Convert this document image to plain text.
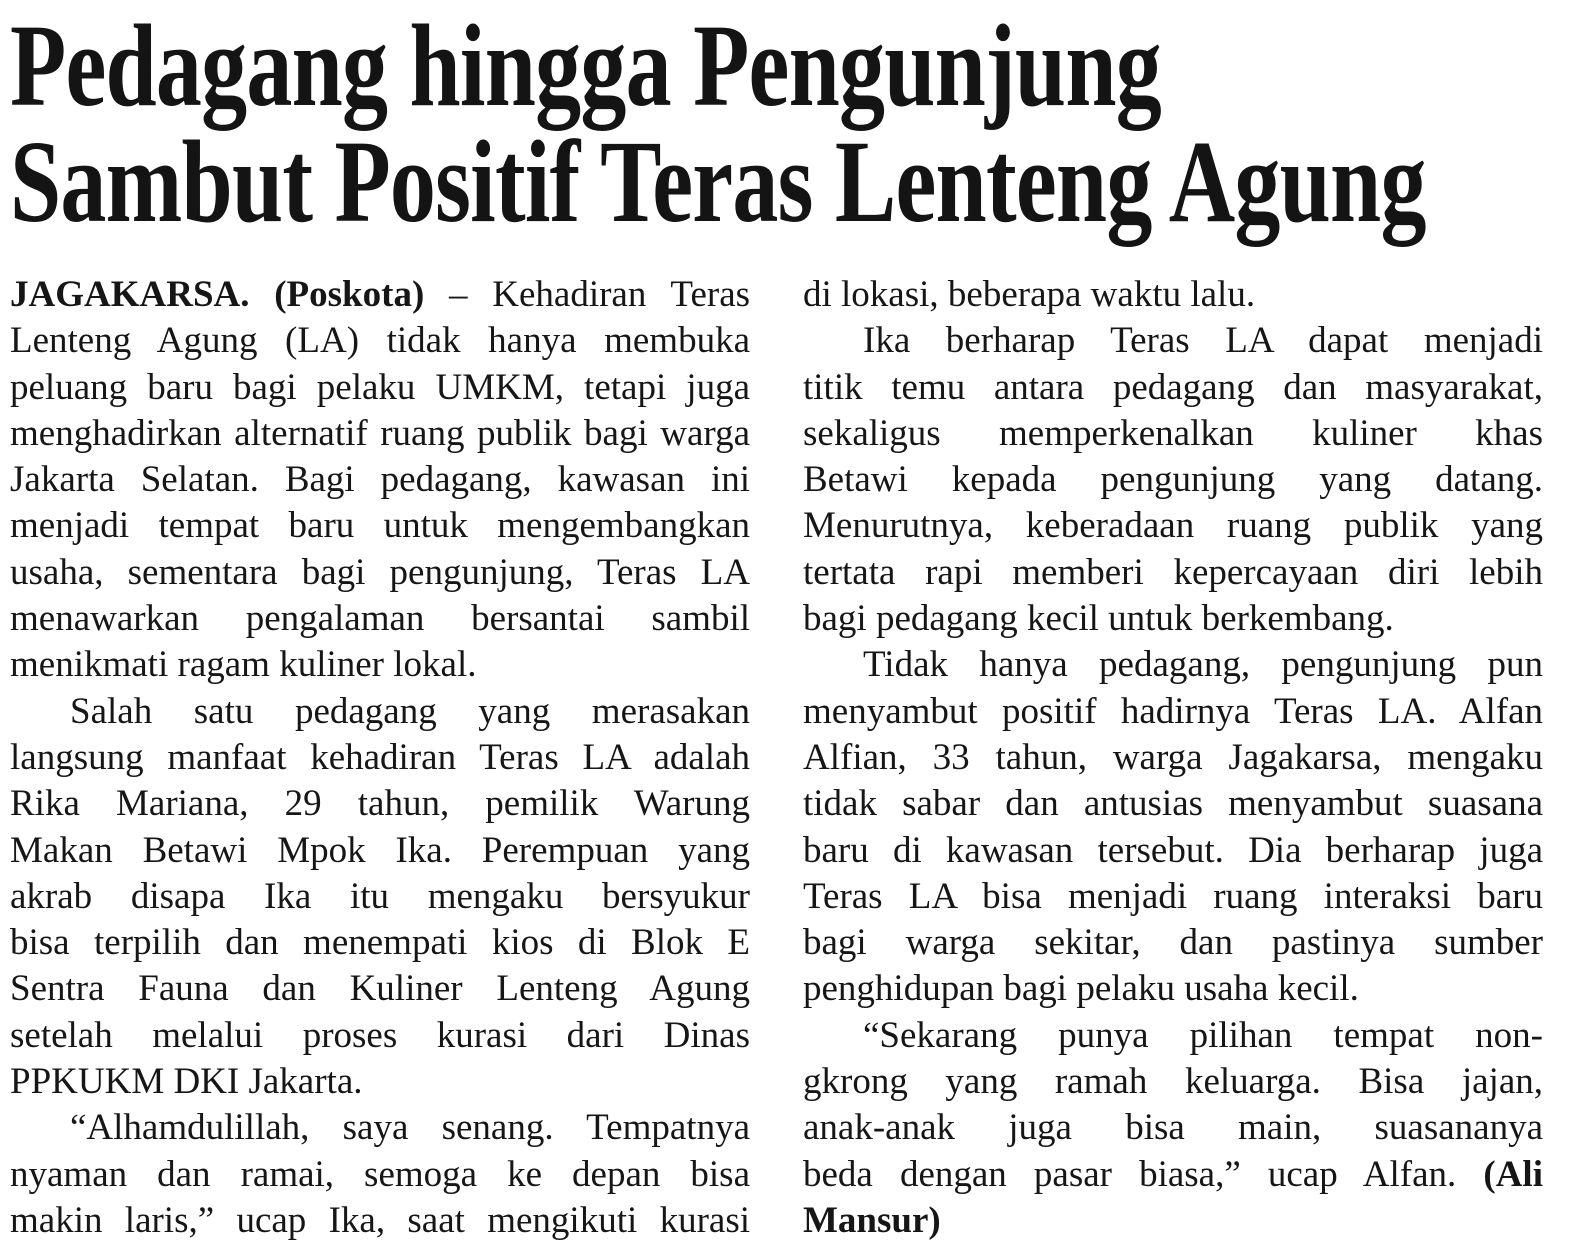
Pedagang hingga Pengunjung
Sambut Positif Teras Lenteng Agung

JAGAKARSA. (Poskota) – Kehadiran Teras
Lenteng Agung (LA) tidak hanya membuka
peluang baru bagi pelaku UMKM, tetapi juga
menghadirkan alternatif ruang publik bagi warga
Jakarta Selatan. Bagi pedagang, kawasan ini
menjadi tempat baru untuk mengembangkan
usaha, sementara bagi pengunjung, Teras LA
menawarkan pengalaman bersantai sambil
menikmati ragam kuliner lokal.

Salah satu pedagang yang merasakan
langsung manfaat kehadiran Teras LA adalah
Rika Mariana, 29 tahun, pemilik Warung
Makan Betawi Mpok Ika. Perempuan yang
akrab disapa Ika itu mengaku bersyukur
bisa terpilih dan menempati kios di Blok E
Sentra Fauna dan Kuliner Lenteng Agung
setelah melalui proses kurasi dari Dinas
PPKUKM DKI Jakarta.

“Alhamdulillah, saya senang. Tempatnya
nyaman dan ramai, semoga ke depan bisa
makin laris,” ucap Ika, saat mengikuti kurasi

di lokasi, beberapa waktu lalu.

Ika berharap Teras LA dapat menjadi
titik temu antara pedagang dan masyarakat,
sekaligus memperkenalkan kuliner khas
Betawi kepada pengunjung yang datang.
Menurutnya, keberadaan ruang publik yang
tertata rapi memberi kepercayaan diri lebih
bagi pedagang kecil untuk berkembang.

Tidak hanya pedagang, pengunjung pun
menyambut positif hadirnya Teras LA. Alfan
Alfian, 33 tahun, warga Jagakarsa, mengaku
tidak sabar dan antusias menyambut suasana
baru di kawasan tersebut. Dia berharap juga
Teras LA bisa menjadi ruang interaksi baru
bagi warga sekitar, dan pastinya sumber
penghidupan bagi pelaku usaha kecil.

“Sekarang punya pilihan tempat non-
gkrong yang ramah keluarga. Bisa jajan,
anak-anak juga bisa main, suasananya
beda dengan pasar biasa,” ucap Alfan. (Ali
Mansur)
